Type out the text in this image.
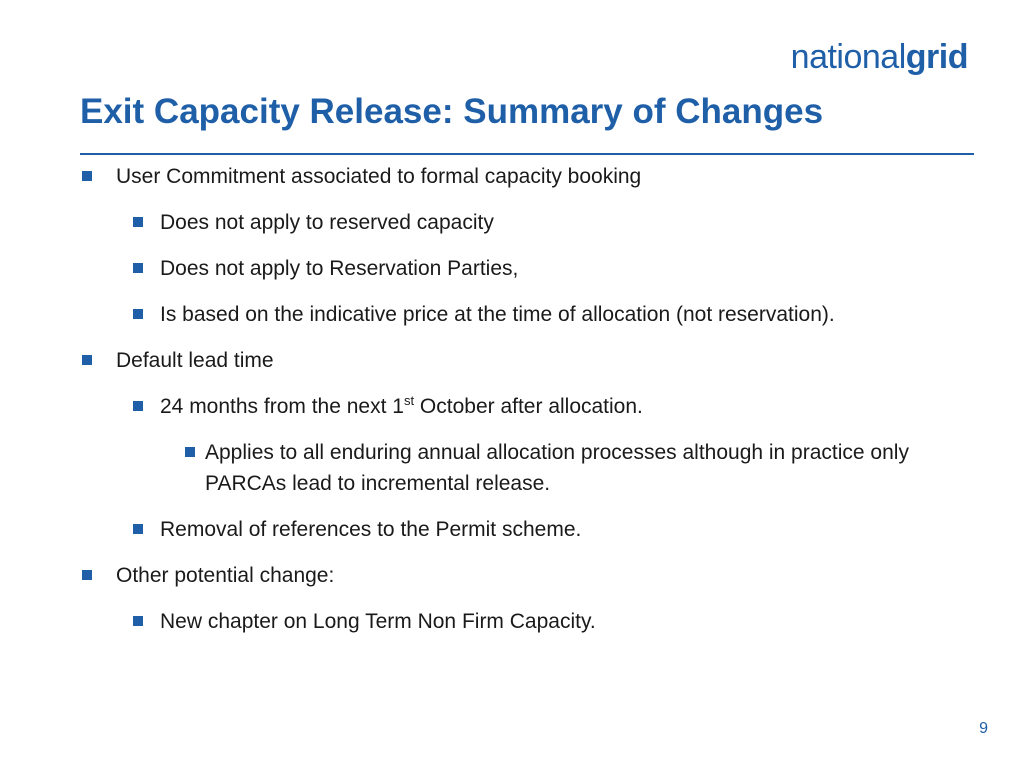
nationalgrid
Exit Capacity Release: Summary of Changes
User Commitment associated to formal capacity booking
Does not apply to reserved capacity
Does not apply to Reservation Parties,
Is based on the indicative price at the time of allocation (not reservation).
Default lead time
24 months from the next 1st October after allocation.
Applies to all enduring annual allocation processes although in practice only PARCAs lead to incremental release.
Removal of references to the Permit scheme.
Other potential change:
New chapter on Long Term Non Firm Capacity.
9
